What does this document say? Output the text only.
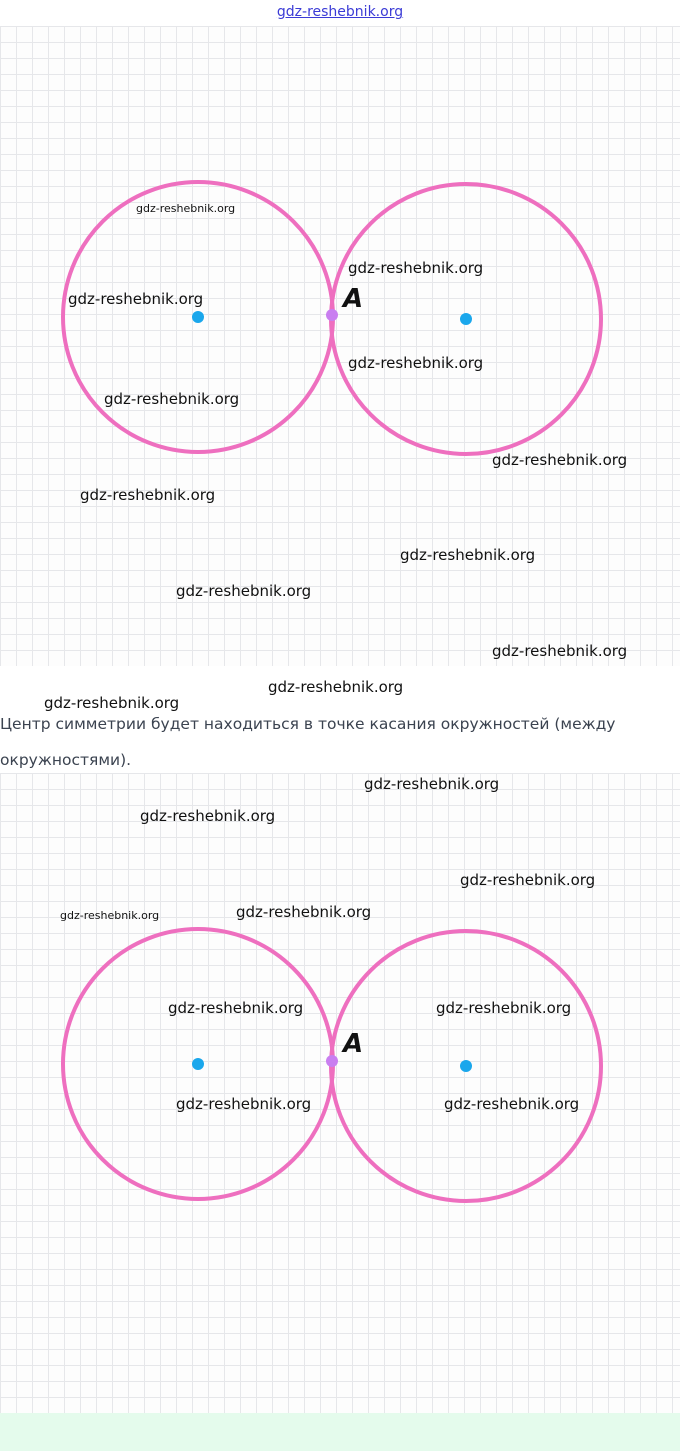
gdz-reshebnik.org
A
gdz-reshebnik.org
gdz-reshebnik.org
gdz-reshebnik.org
gdz-reshebnik.org
gdz-reshebnik.org
gdz-reshebnik.org
gdz-reshebnik.org
gdz-reshebnik.org
gdz-reshebnik.org
gdz-reshebnik.org
gdz-reshebnik.org
gdz-reshebnik.org
Центр симметрии будет находиться в точке касания окружностей (между окружностями).
A
gdz-reshebnik.org
gdz-reshebnik.org
gdz-reshebnik.org
gdz-reshebnik.org	gdz-reshebnik.org
gdz-reshebnik.org	gdz-reshebnik.org
gdz-reshebnik.org	gdz-reshebnik.org
